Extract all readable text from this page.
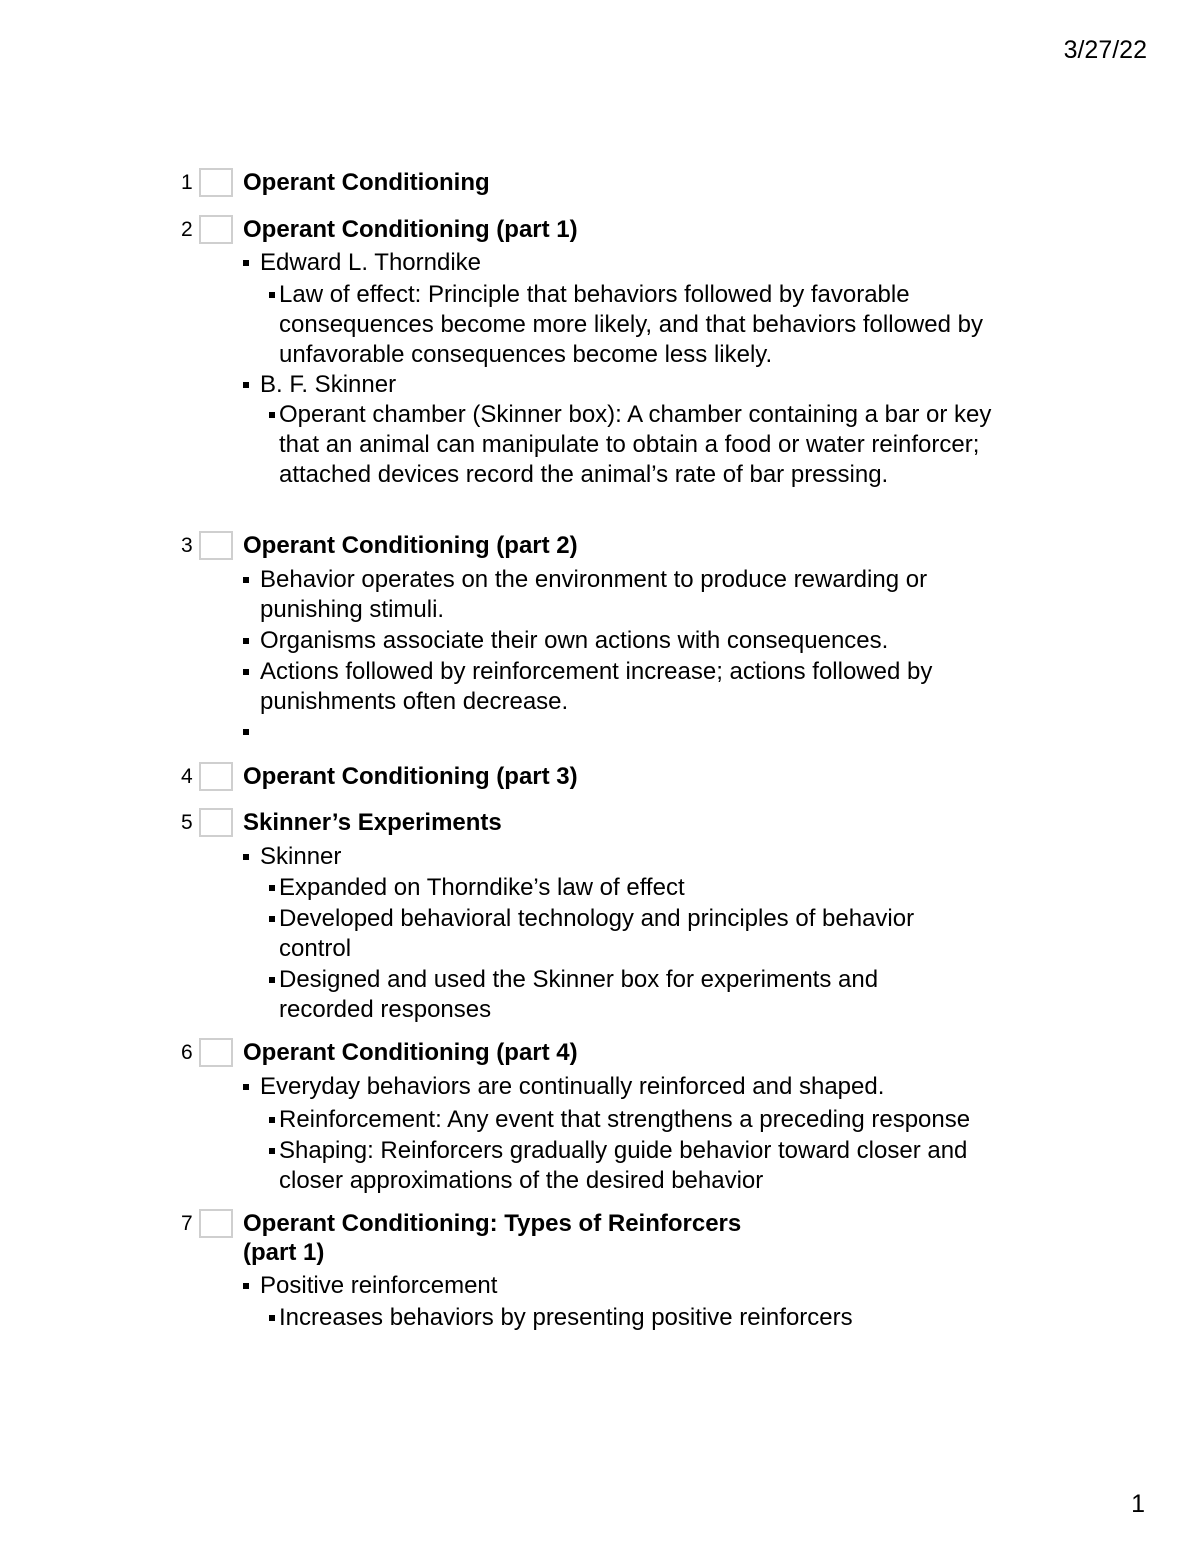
3/27/22
1 Operant Conditioning
2 Operant Conditioning (part 1)
Edward L. Thorndike
Law of effect: Principle that behaviors followed by favorable consequences become more likely, and that behaviors followed by unfavorable consequences become less likely.
B. F. Skinner
Operant chamber (Skinner box): A chamber containing a bar or key that an animal can manipulate to obtain a food or water reinforcer; attached devices record the animal’s rate of bar pressing.
3 Operant Conditioning (part 2)
Behavior operates on the environment to produce rewarding or punishing stimuli.
Organisms associate their own actions with consequences.
Actions followed by reinforcement increase; actions followed by punishments often decrease.
4 Operant Conditioning (part 3)
5 Skinner’s Experiments
Skinner
Expanded on Thorndike’s law of effect
Developed behavioral technology and principles of behavior control
Designed and used the Skinner box for experiments and recorded responses
6 Operant Conditioning (part 4)
Everyday behaviors are continually reinforced and shaped.
Reinforcement: Any event that strengthens a preceding response
Shaping: Reinforcers gradually guide behavior toward closer and closer approximations of the desired behavior
7 Operant Conditioning: Types of Reinforcers
(part 1)
Positive reinforcement
Increases behaviors by presenting positive reinforcers
1
